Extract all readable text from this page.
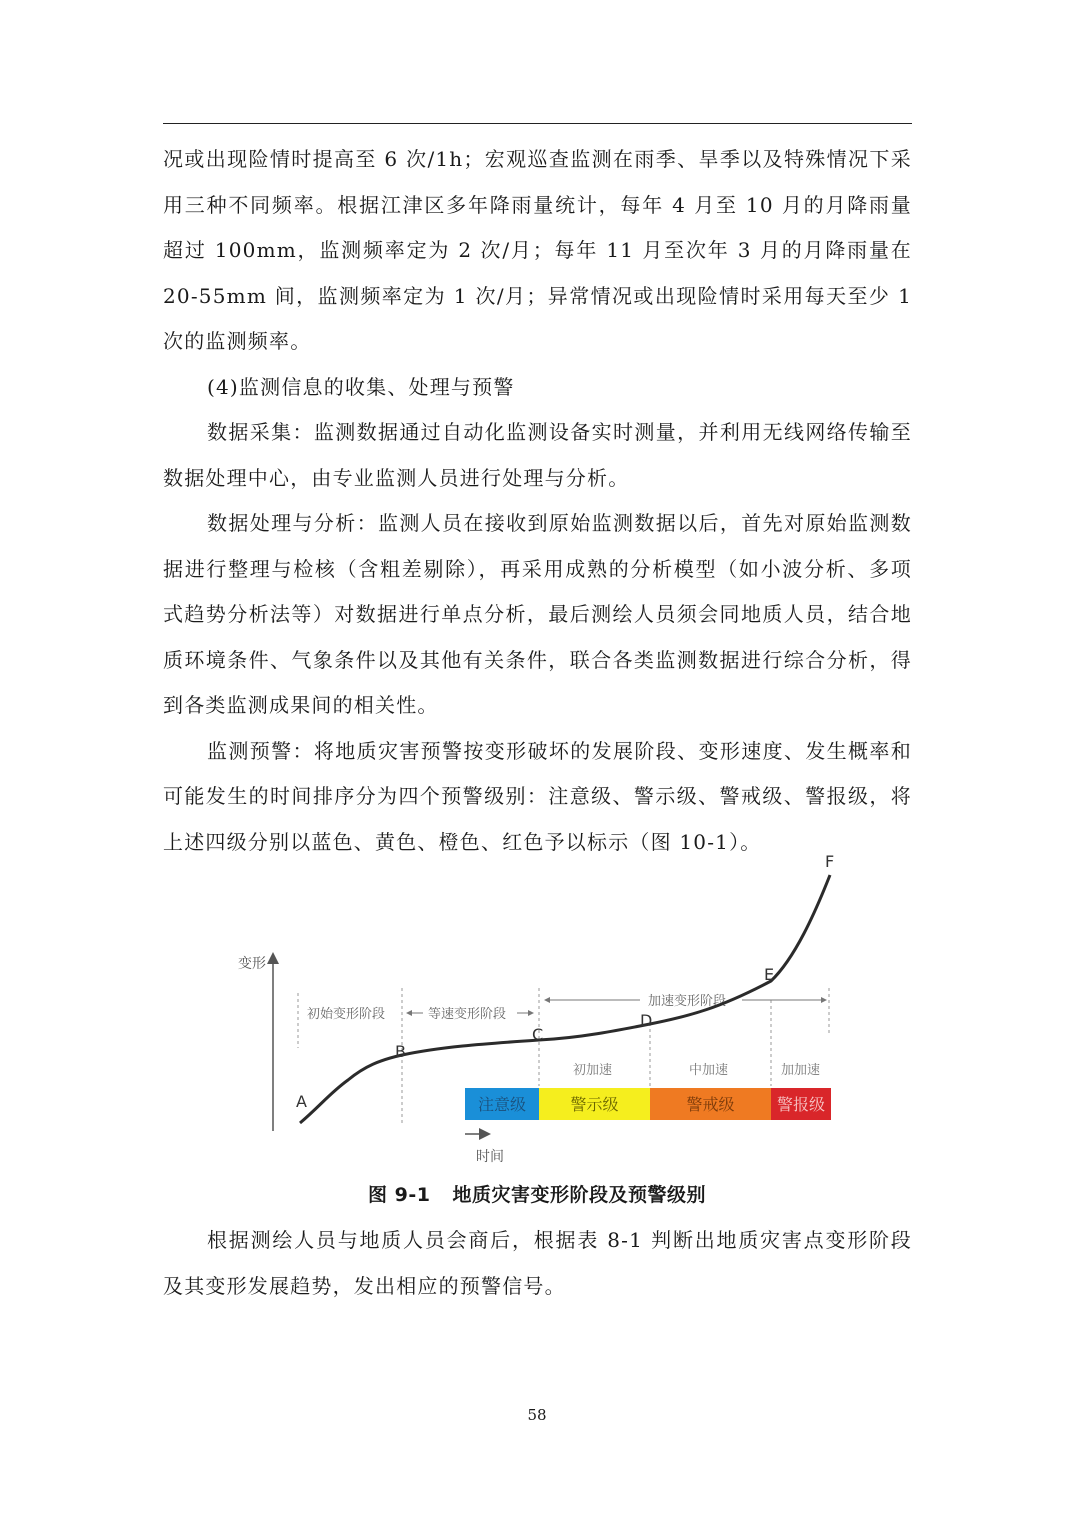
况或出现险情时提高至 6 次/1h；宏观巡查监测在雨季、旱季以及特殊情况下采用三种不同频率。根据江津区多年降雨量统计，每年 4 月至 10 月的月降雨量超过 100mm，监测频率定为 2 次/月；每年 11 月至次年 3 月的月降雨量在 20-55mm 间，监测频率定为 1 次/月；异常情况或出现险情时采用每天至少 1 次的监测频率。

(4)监测信息的收集、处理与预警

数据采集：监测数据通过自动化监测设备实时测量，并利用无线网络传输至数据处理中心，由专业监测人员进行处理与分析。

数据处理与分析：监测人员在接收到原始监测数据以后，首先对原始监测数据进行整理与检核（含粗差剔除），再采用成熟的分析模型（如小波分析、多项式趋势分析法等）对数据进行单点分析，最后测绘人员须会同地质人员，结合地质环境条件、气象条件以及其他有关条件，联合各类监测数据进行综合分析，得到各类监测成果间的相关性。

监测预警：将地质灾害预警按变形破坏的发展阶段、变形速度、发生概率和可能发生的时间排序分为四个预警级别：注意级、警示级、警戒级、警报级，将上述四级分别以蓝色、黄色、橙色、红色予以标示（图 10-1）。

变形
时间
初始变形阶段	等速变形阶段
加速变形阶段
A
B
C
D
E
F
初加速	中加速	加加速
注意级	警示级	警戒级	警报级
图 9-1 地质灾害变形阶段及预警级别

根据测绘人员与地质人员会商后，根据表 8-1 判断出地质灾害点变形阶段及其变形发展趋势，发出相应的预警信号。

58
